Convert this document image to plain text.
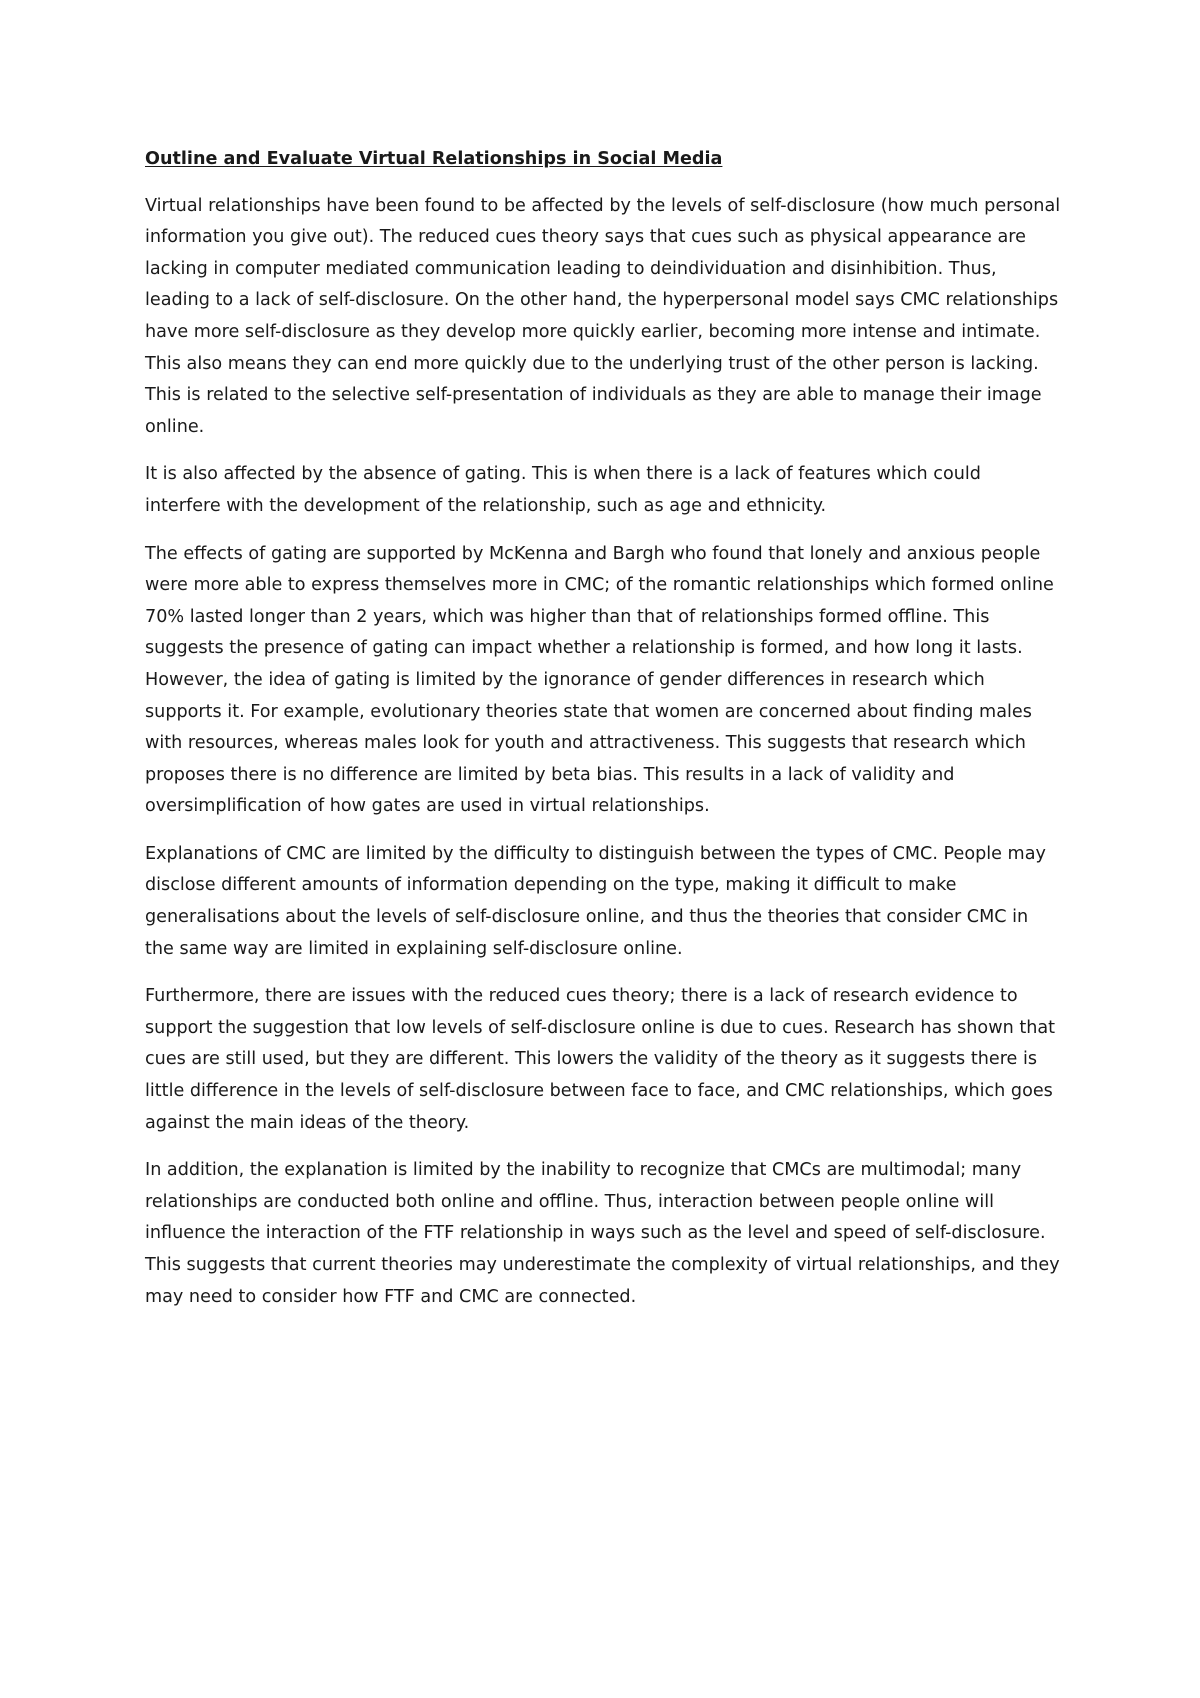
Outline and Evaluate Virtual Relationships in Social Media

Virtual relationships have been found to be affected by the levels of self-disclosure (how much personal information you give out). The reduced cues theory says that cues such as physical appearance are lacking in computer mediated communication leading to deindividuation and disinhibition. Thus, leading to a lack of self-disclosure. On the other hand, the hyperpersonal model says CMC relationships have more self-disclosure as they develop more quickly earlier, becoming more intense and intimate. This also means they can end more quickly due to the underlying trust of the other person is lacking. This is related to the selective self-presentation of individuals as they are able to manage their image online.

It is also affected by the absence of gating. This is when there is a lack of features which could interfere with the development of the relationship, such as age and ethnicity.

The effects of gating are supported by McKenna and Bargh who found that lonely and anxious people were more able to express themselves more in CMC; of the romantic relationships which formed online 70% lasted longer than 2 years, which was higher than that of relationships formed offline. This suggests the presence of gating can impact whether a relationship is formed, and how long it lasts. However, the idea of gating is limited by the ignorance of gender differences in research which supports it. For example, evolutionary theories state that women are concerned about finding males with resources, whereas males look for youth and attractiveness. This suggests that research which proposes there is no difference are limited by beta bias. This results in a lack of validity and oversimplification of how gates are used in virtual relationships.

Explanations of CMC are limited by the difficulty to distinguish between the types of CMC. People may disclose different amounts of information depending on the type, making it difficult to make generalisations about the levels of self-disclosure online, and thus the theories that consider CMC in the same way are limited in explaining self-disclosure online.

Furthermore, there are issues with the reduced cues theory; there is a lack of research evidence to support the suggestion that low levels of self-disclosure online is due to cues. Research has shown that cues are still used, but they are different. This lowers the validity of the theory as it suggests there is little difference in the levels of self-disclosure between face to face, and CMC relationships, which goes against the main ideas of the theory.

In addition, the explanation is limited by the inability to recognize that CMCs are multimodal; many relationships are conducted both online and offline. Thus, interaction between people online will influence the interaction of the FTF relationship in ways such as the level and speed of self-disclosure. This suggests that current theories may underestimate the complexity of virtual relationships, and they may need to consider how FTF and CMC are connected.
